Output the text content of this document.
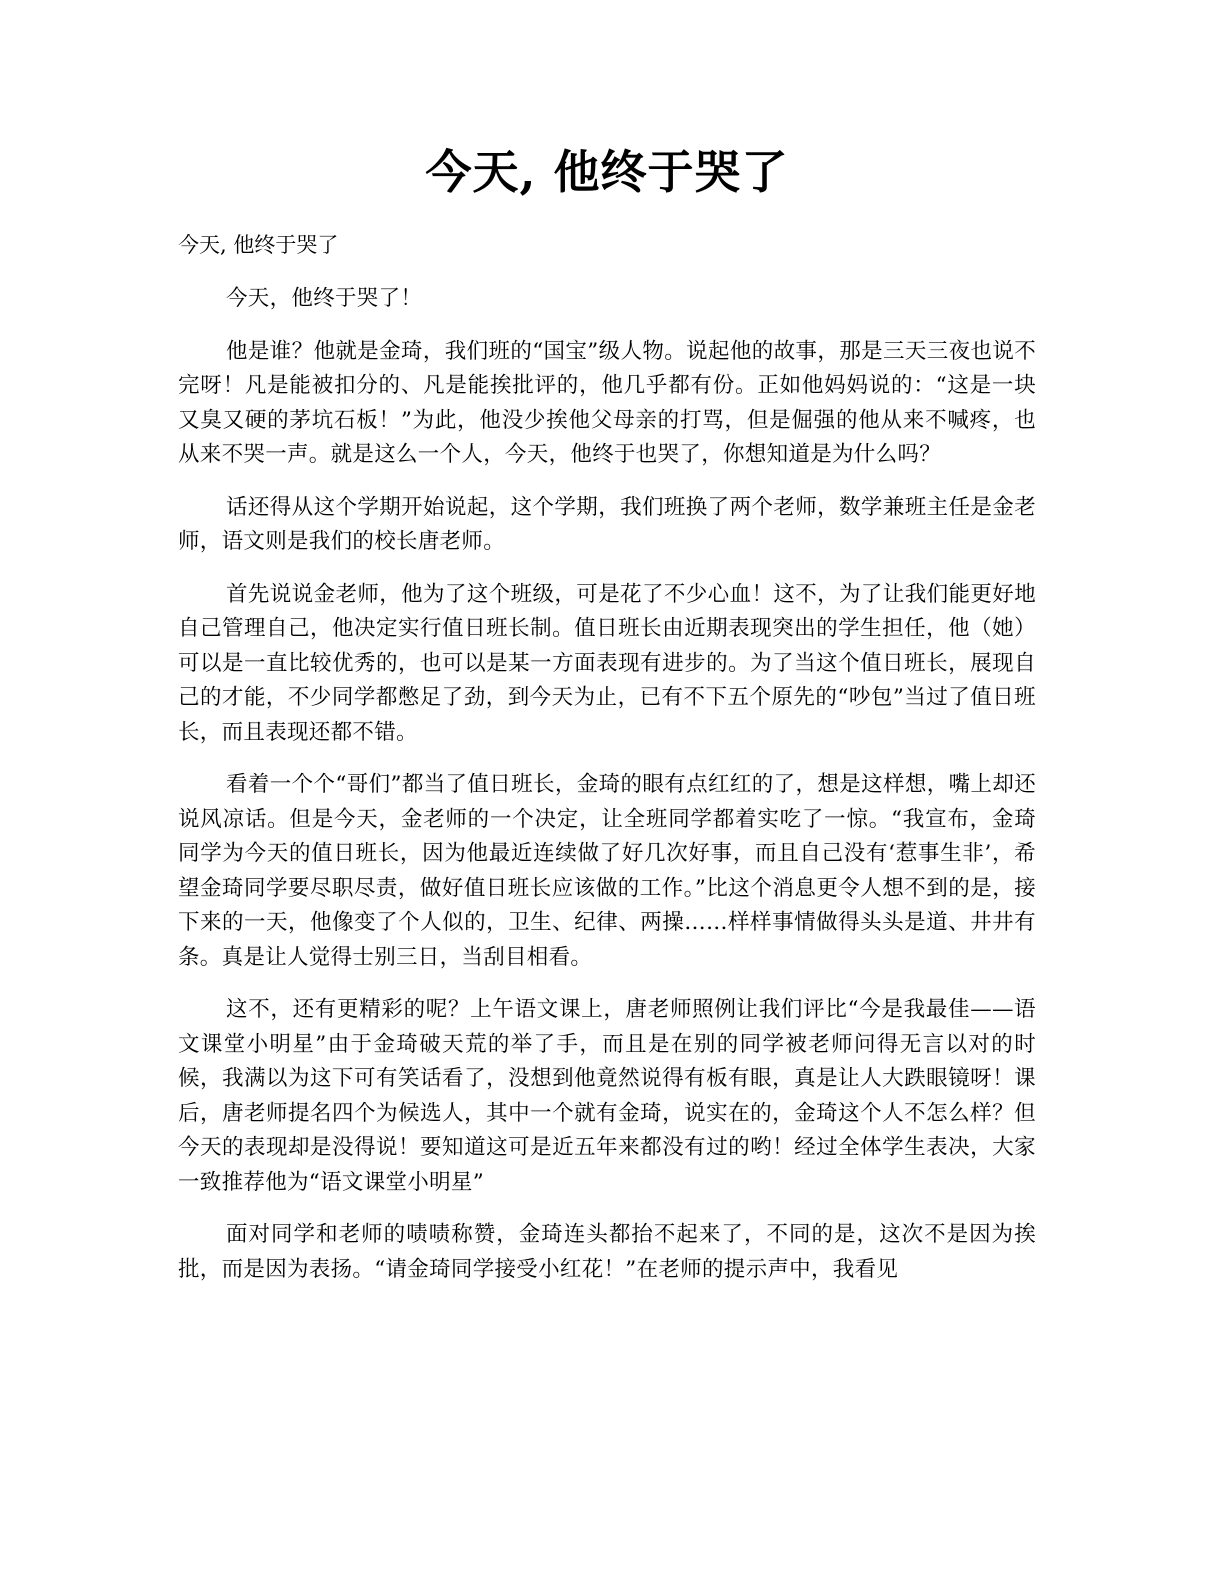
今天, 他终于哭了

今天, 他终于哭了

今天，他终于哭了！

他是谁？他就是金琦，我们班的“国宝”级人物。说起他的故事，那是三天三夜也说不完呀！凡是能被扣分的、凡是能挨批评的，他几乎都有份。正如他妈妈说的：“这是一块又臭又硬的茅坑石板！”为此，他没少挨他父母亲的打骂，但是倔强的他从来不喊疼，也从来不哭一声。就是这么一个人，今天，他终于也哭了，你想知道是为什么吗？

话还得从这个学期开始说起，这个学期，我们班换了两个老师，数学兼班主任是金老师，语文则是我们的校长唐老师。

首先说说金老师，他为了这个班级，可是花了不少心血！这不，为了让我们能更好地自己管理自己，他决定实行值日班长制。值日班长由近期表现突出的学生担任，他（她）可以是一直比较优秀的，也可以是某一方面表现有进步的。为了当这个值日班长，展现自己的才能，不少同学都憋足了劲，到今天为止，已有不下五个原先的“吵包”当过了值日班长，而且表现还都不错。

看着一个个“哥们”都当了值日班长，金琦的眼有点红红的了，想是这样想，嘴上却还说风凉话。但是今天，金老师的一个决定，让全班同学都着实吃了一惊。“我宣布，金琦同学为今天的值日班长，因为他最近连续做了好几次好事，而且自己没有‘惹事生非’，希望金琦同学要尽职尽责，做好值日班长应该做的工作。”比这个消息更令人想不到的是，接下来的一天，他像变了个人似的，卫生、纪律、两操……样样事情做得头头是道、井井有条。真是让人觉得士别三日，当刮目相看。

这不，还有更精彩的呢？上午语文课上，唐老师照例让我们评比“今是我最佳——语文课堂小明星”由于金琦破天荒的举了手，而且是在别的同学被老师问得无言以对的时候，我满以为这下可有笑话看了，没想到他竟然说得有板有眼，真是让人大跌眼镜呀！课后，唐老师提名四个为候选人，其中一个就有金琦，说实在的，金琦这个人不怎么样？但今天的表现却是没得说！要知道这可是近五年来都没有过的哟！经过全体学生表决，大家一致推荐他为“语文课堂小明星”

面对同学和老师的啧啧称赞，金琦连头都抬不起来了，不同的是，这次不是因为挨批，而是因为表扬。“请金琦同学接受小红花！”在老师的提示声中，我看见
